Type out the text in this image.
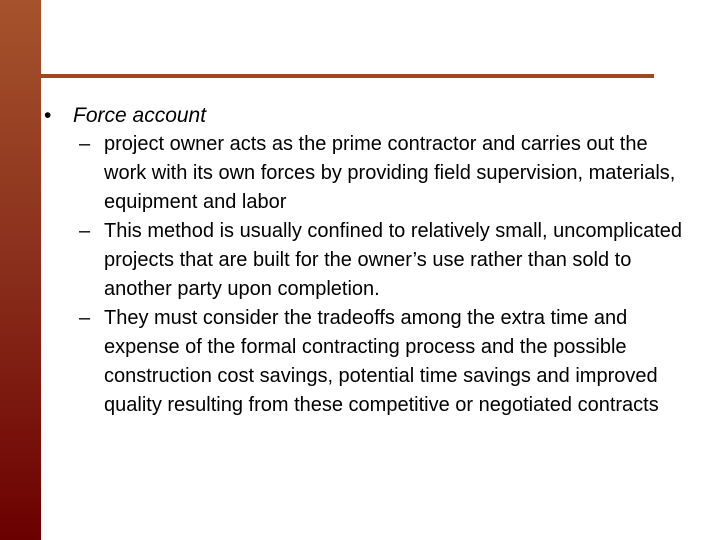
• Force account
– project owner acts as the prime contractor and carries out the work with its own forces by providing field supervision, materials, equipment and labor
– This method is usually confined to relatively small, uncomplicated projects that are built for the owner’s use rather than sold to another party upon completion.
– They must consider the tradeoffs among the extra time and expense of the formal contracting process and the possible construction cost savings, potential time savings and improved quality resulting from these competitive or negotiated contracts
